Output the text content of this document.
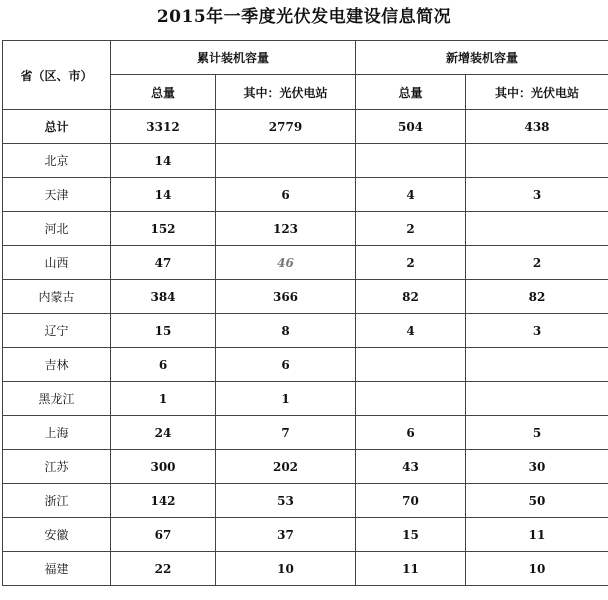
2015年一季度光伏发电建设信息简况
省（区、市）	累计装机容量		新增装机容量	
	总量	其中：光伏电站	总量	其中：光伏电站
总计	3312	2779	504	438
北京	14			
天津	14	6	4	3
河北	152	123	2	
山西	47	46	2	2
内蒙古	384	366	82	82
辽宁	15	8	4	3
吉林	6	6		
黑龙江	1	1		
上海	24	7	6	5
江苏	300	202	43	30
浙江	142	53	70	50
安徽	67	37	15	11
福建	22	10	11	10
